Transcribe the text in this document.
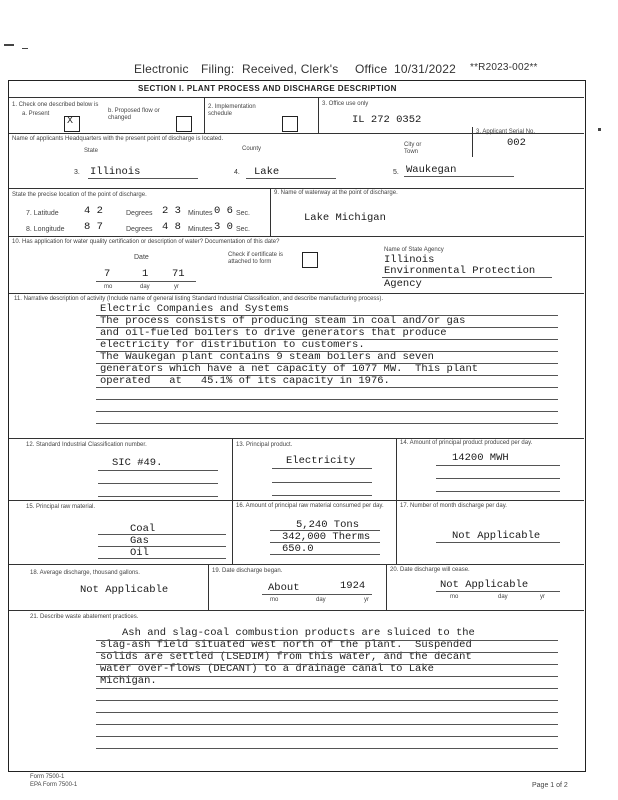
Electronic Filing: Received, Clerk's Office 10/31/2022 **R2023-002**
SECTION I. PLANT PROCESS AND DISCHARGE DESCRIPTION
1. Check one described below is
a. Present
X
b. Proposed flow or changed
2. Implementation schedule
3. Office use only
IL 272 0352
Name of applicants Headquarters with the present point of discharge is located.
State	County
City or Town
3. Applicant Serial No.
002
3. Illinois	4. Lake	5. Waukegan
State the precise location of the point of discharge.
7. Latitude 4 2	Degrees 2 3 Minutes 0 6 Sec.
8. Longitude 8 7	Degrees 4 8 Minutes 3 0 Sec.
9. Name of waterway at the point of discharge.
Lake Michigan
10. Has application for water quality certification or description of water? Documentation of this date?
Date
7	1 71
mo	day	yr
Check if certificate is attached to form
Name of State Agency
Illinois
Environmental Protection
Agency
11. Narrative description of activity (Include name of general listing Standard Industrial Classification, and describe manufacturing process).
Electric Companies and Systems
The process consists of producing steam in coal and/or gas
and oil-fueled boilers to drive generators that produce
electricity for distribution to customers.
The Waukegan plant contains 9 steam boilers and seven
generators which have a net capacity of 1077 MW.  This plant
operated   at   45.1% of its capacity in 1976.
12. Standard Industrial Classification number.
SIC #49.
13. Principal product.
Electricity
14. Amount of principal product produced per day.
14200 MWH
15. Principal raw material.
Coal
Gas
Oil
16. Amount of principal raw material consumed per day.
5,240 Tons
342,000 Therms
650.0
17. Number of month discharge per day.
Not Applicable
18. Average discharge, thousand gallons.
Not Applicable
19. Date discharge began.
About	1924
mo	day	yr
20. Date discharge will cease.
Not Applicable
mo	day	yr
21. Describe waste abatement practices.
Ash and slag-coal combustion products are sluiced to the
slag-ash field situated west north of the plant.  Suspended
solids are settled (LSEDIM) from this water, and the decant
water over-flows (DECANT) to a drainage canal to Lake
Michigan.
Form 7500-1
EPA Form 7500-1	Page 1 of 2
